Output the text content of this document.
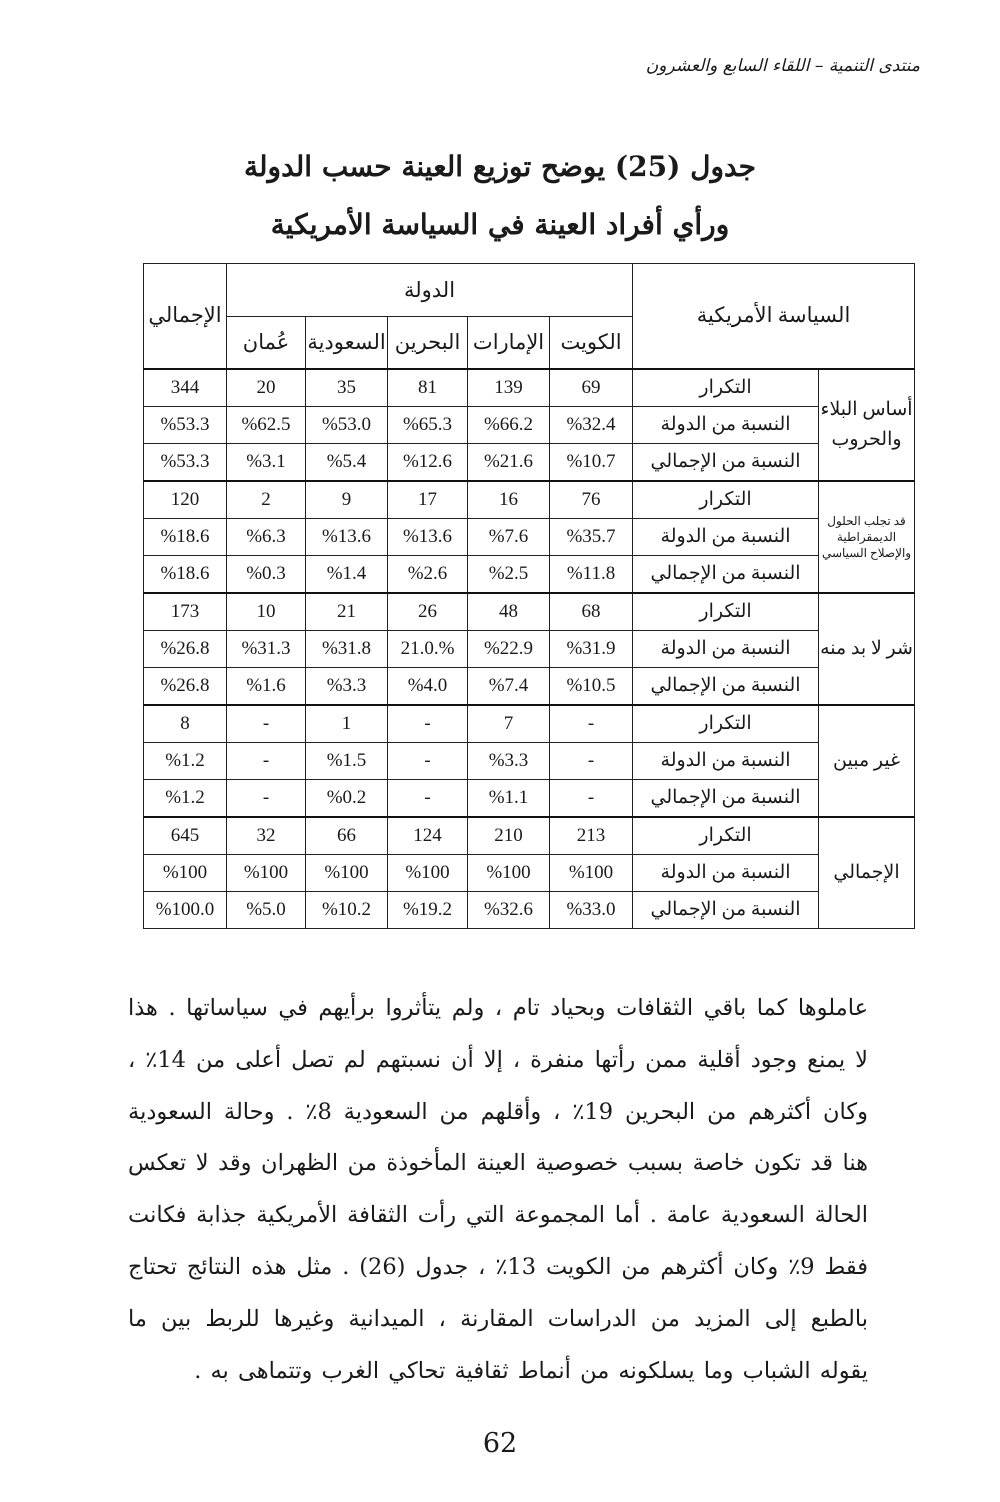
منتدى التنمية – اللقاء السابع والعشرون
جدول (25) يوضح توزيع العينة حسب الدولة
ورأي أفراد العينة في السياسة الأمريكية
السياسة الأمريكية		الدولة					الإجمالي
		الكويت	الإمارات	البحرين	السعودية	عُمان	
أساس البلاء والحروب	التكرار	69	139	81	35	20	344
	النسبة من الدولة	%32.4	%66.2	%65.3	%53.0	%62.5	%53.3
	النسبة من الإجمالي	%10.7	%21.6	%12.6	%5.4	%3.1	%53.3
قد تجلب الحلول الديمقراطية والإصلاح السياسي	التكرار	76	16	17	9	2	120
	النسبة من الدولة	%35.7	%7.6	%13.6	%13.6	%6.3	%18.6
	النسبة من الإجمالي	%11.8	%2.5	%2.6	%1.4	%0.3	%18.6
شر لا بد منه	التكرار	68	48	26	21	10	173
	النسبة من الدولة	%31.9	%22.9	%.21.0	%31.8	%31.3	%26.8
	النسبة من الإجمالي	%10.5	%7.4	%4.0	%3.3	%1.6	%26.8
غير مبين	التكرار	-	7	-	1	-	8
	النسبة من الدولة	-	%3.3	-	%1.5	-	%1.2
	النسبة من الإجمالي	-	%1.1	-	%0.2	-	%1.2
الإجمالي	التكرار	213	210	124	66	32	645
	النسبة من الدولة	%100	%100	%100	%100	%100	%100
	النسبة من الإجمالي	%33.0	%32.6	%19.2	%10.2	%5.0	%100.0
عاملوها كما باقي الثقافات وبحياد تام ، ولم يتأثروا برأيهم في سياساتها . هذا لا يمنع وجود أقلية ممن رأتها منفرة ، إلا أن نسبتهم لم تصل أعلى من 14٪ ، وكان أكثرهم من البحرين 19٪ ، وأقلهم من السعودية 8٪ . وحالة السعودية هنا قد تكون خاصة بسبب خصوصية العينة المأخوذة من الظهران وقد لا تعكس الحالة السعودية عامة . أما المجموعة التي رأت الثقافة الأمريكية جذابة فكانت فقط 9٪ وكان أكثرهم من الكويت 13٪ ، جدول (26) . مثل هذه النتائج تحتاج بالطبع إلى المزيد من الدراسات المقارنة ، الميدانية وغيرها للربط بين ما يقوله الشباب وما يسلكونه من أنماط ثقافية تحاكي الغرب وتتماهى به .
62
